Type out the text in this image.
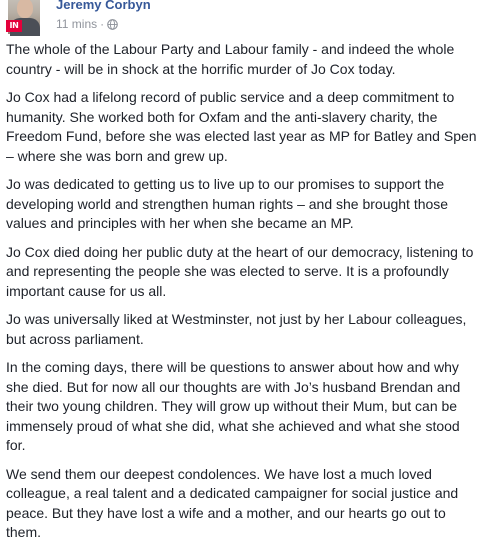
IN
Jeremy Corbyn
11 mins ·

The whole of the Labour Party and Labour family - and indeed the whole country - will be in shock at the horrific murder of Jo Cox today.

Jo Cox had a lifelong record of public service and a deep commitment to humanity. She worked both for Oxfam and the anti-slavery charity, the Freedom Fund, before she was elected last year as MP for Batley and Spen – where she was born and grew up.

Jo was dedicated to getting us to live up to our promises to support the developing world and strengthen human rights – and she brought those values and principles with her when she became an MP.

Jo Cox died doing her public duty at the heart of our democracy, listening to and representing the people she was elected to serve. It is a profoundly important cause for us all.

Jo was universally liked at Westminster, not just by her Labour colleagues, but across parliament.

In the coming days, there will be questions to answer about how and why she died. But for now all our thoughts are with Jo’s husband Brendan and their two young children. They will grow up without their Mum, but can be immensely proud of what she did, what she achieved and what she stood for.

We send them our deepest condolences. We have lost a much loved colleague, a real talent and a dedicated campaigner for social justice and peace. But they have lost a wife and a mother, and our hearts go out to them.
